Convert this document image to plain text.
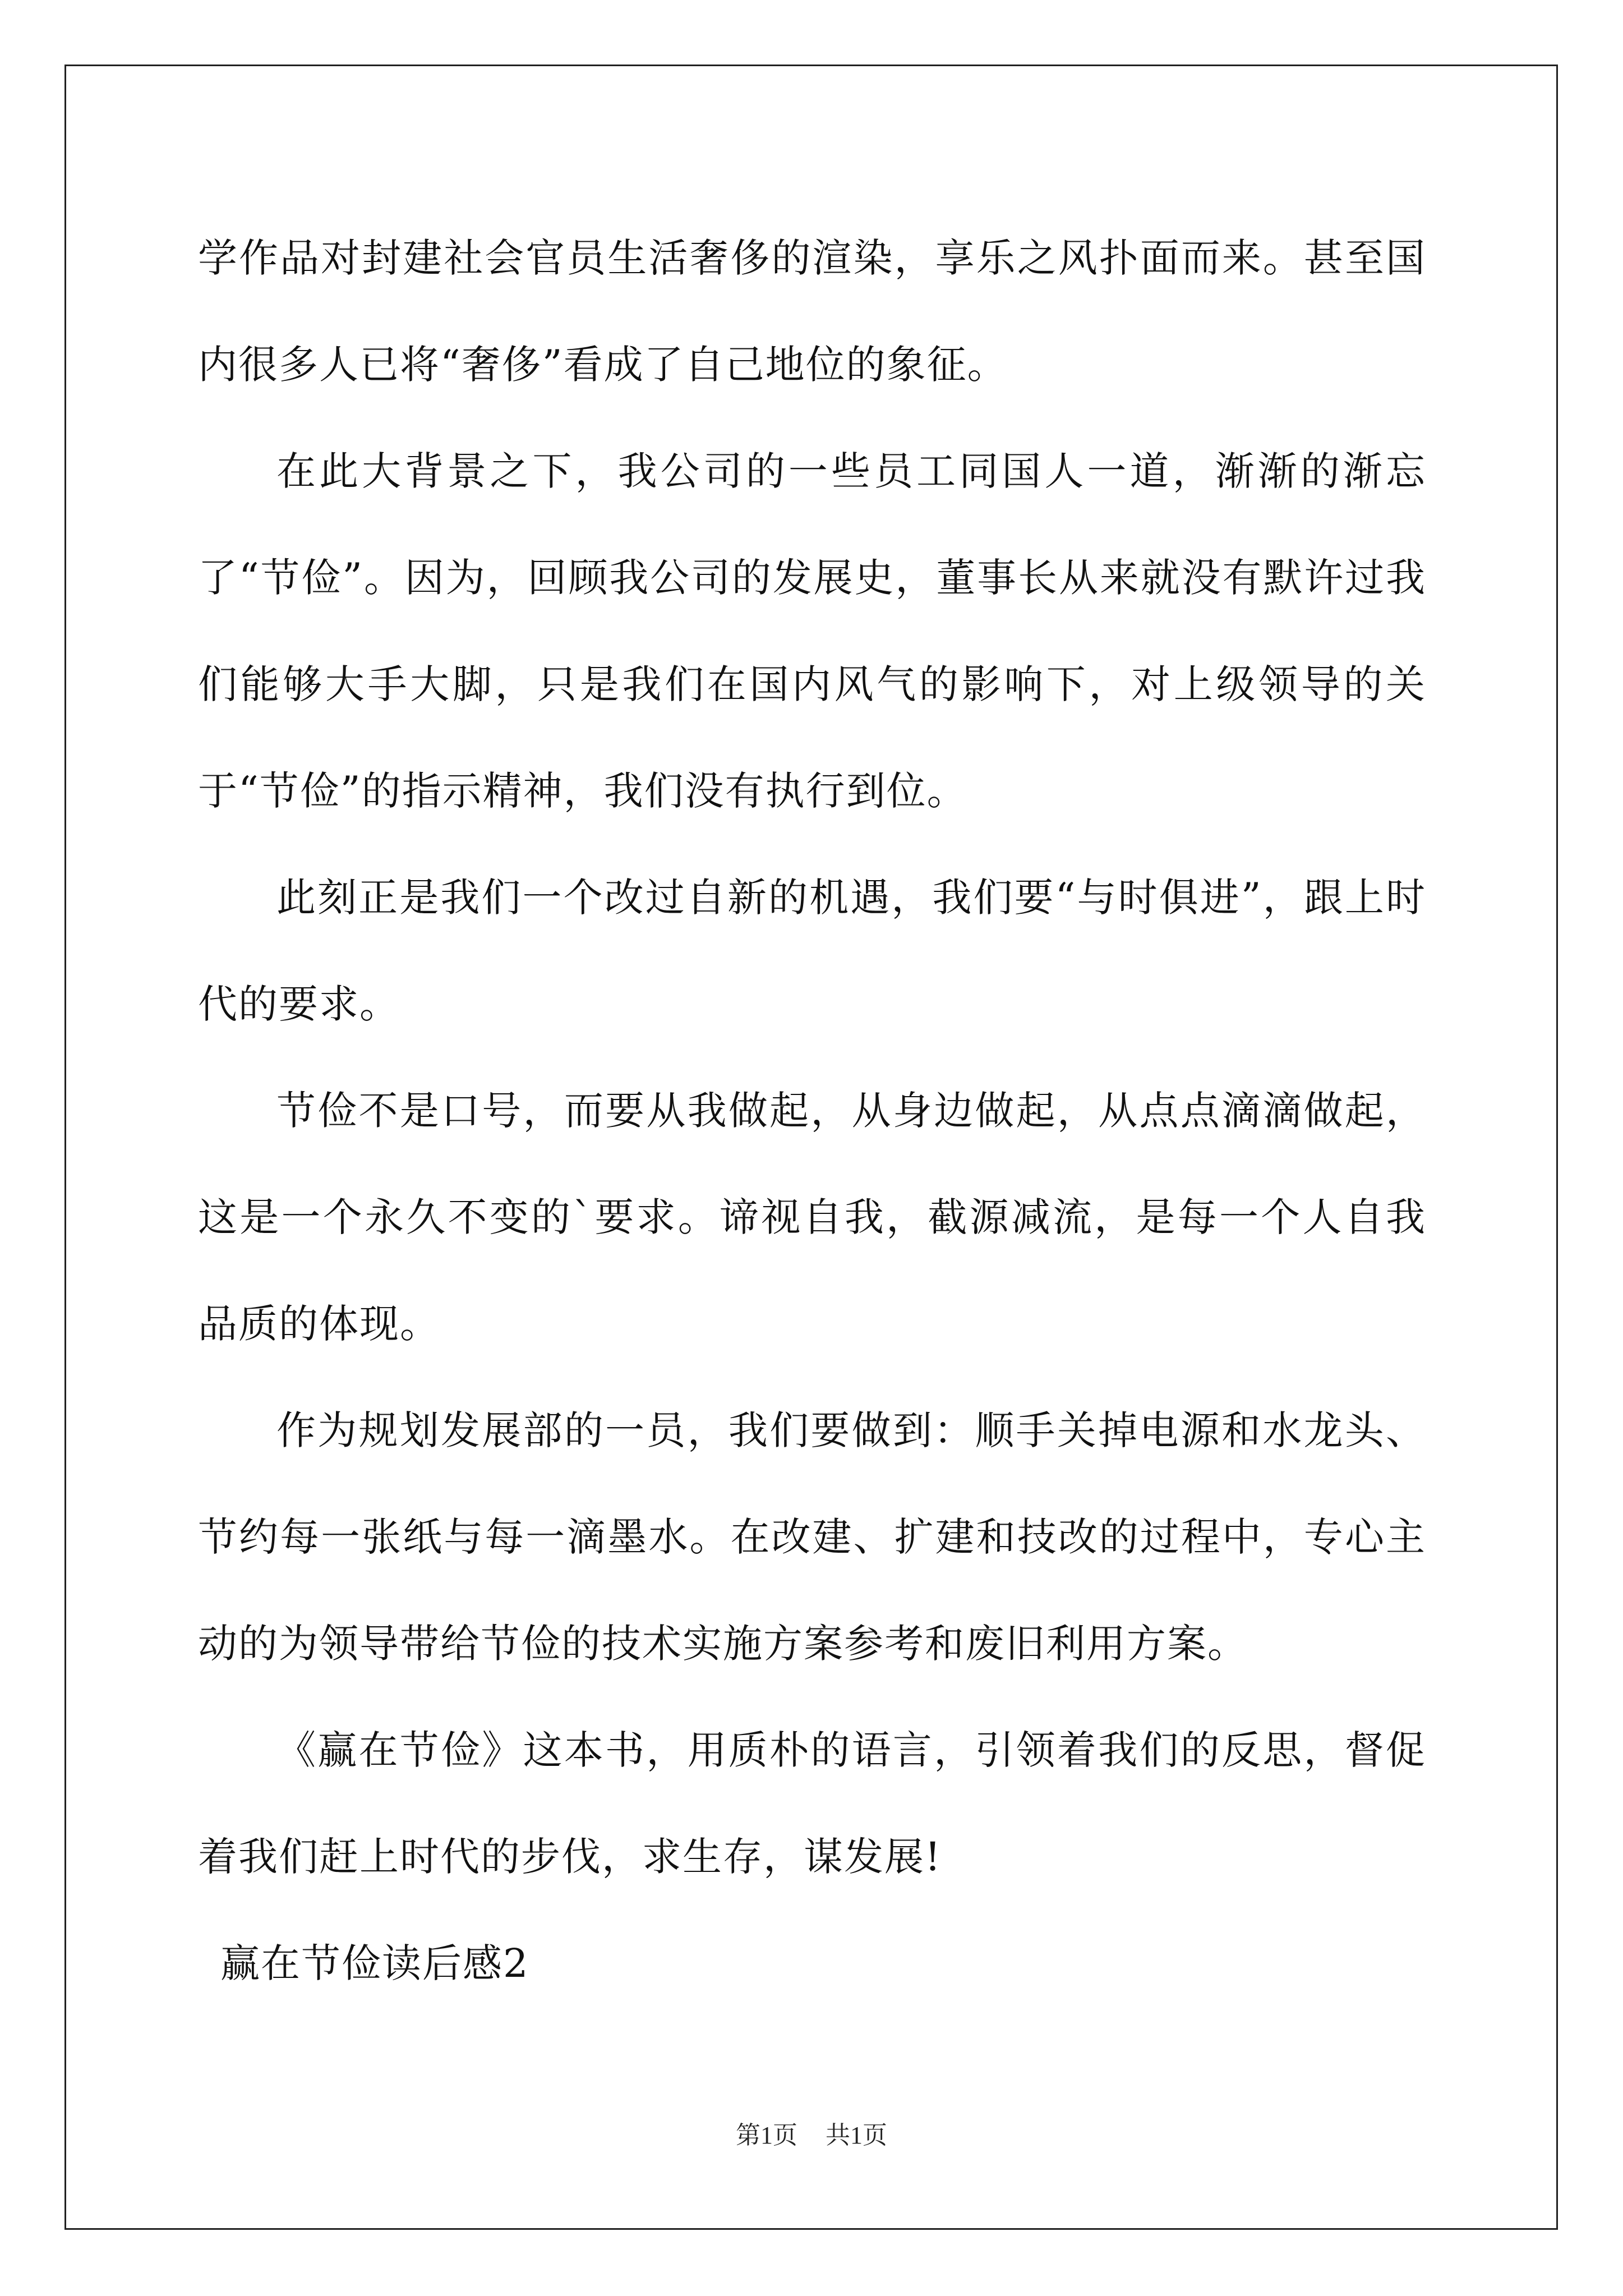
学作品对封建社会官员生活奢侈的渲染，享乐之风扑面而来。甚至国内很多人已将“奢侈”看成了自己地位的象征。

在此大背景之下，我公司的一些员工同国人一道，渐渐的渐忘了“节俭”。因为，回顾我公司的发展史，董事长从来就没有默许过我们能够大手大脚，只是我们在国内风气的影响下，对上级领导的关于“节俭”的指示精神，我们没有执行到位。

此刻正是我们一个改过自新的机遇，我们要“与时俱进”，跟上时代的要求。

节俭不是口号，而要从我做起，从身边做起，从点点滴滴做起，这是一个永久不变的`要求。谛视自我，截源减流，是每一个人自我品质的体现。

作为规划发展部的一员，我们要做到：顺手关掉电源和水龙头、节约每一张纸与每一滴墨水。在改建、扩建和技改的过程中，专心主动的为领导带给节俭的技术实施方案参考和废旧利用方案。

《赢在节俭》这本书，用质朴的语言，引领着我们的反思，督促着我们赶上时代的步伐，求生存，谋发展!

赢在节俭读后感2

第1页 共1页
